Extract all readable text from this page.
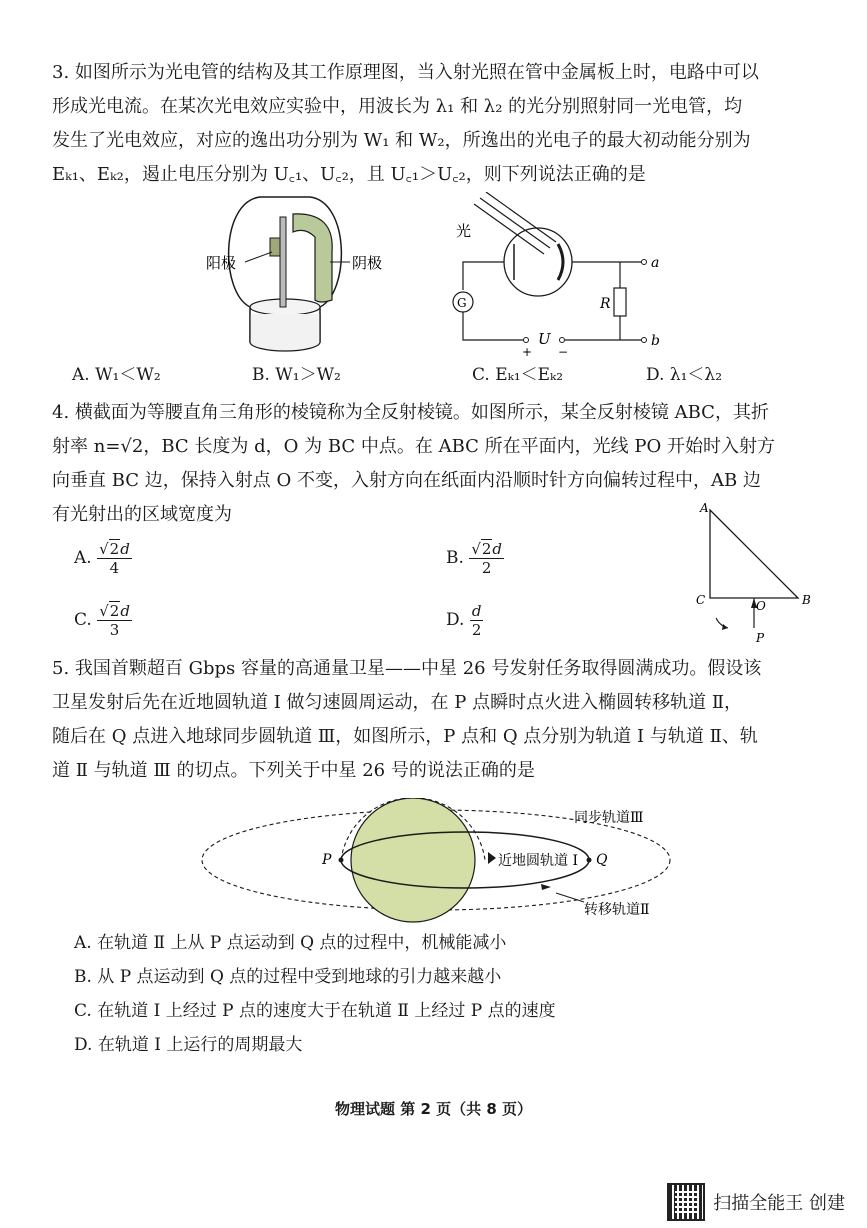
3. 如图所示为光电管的结构及其工作原理图，当入射光照在管中金属板上时，电路中可以

形成光电流。在某次光电效应实验中，用波长为 λ₁ 和 λ₂ 的光分别照射同一光电管，均

发生了光电效应，对应的逸出功分别为 W₁ 和 W₂，所逸出的光电子的最大初动能分别为

Eₖ₁、Eₖ₂，遏止电压分别为 U꜀₁、U꜀₂，且 U꜀₁＞U꜀₂，则下列说法正确的是

阳极	阴极
光
G
U
+ −
R
a
b
A. W₁＜W₂	B. W₁＞W₂	C. Eₖ₁＜Eₖ₂	D. λ₁＜λ₂

4. 横截面为等腰直角三角形的棱镜称为全反射棱镜。如图所示，某全反射棱镜 ABC，其折

射率 n=√2，BC 长度为 d，O 为 BC 中点。在 ABC 所在平面内，光线 PO 开始时入射方

向垂直 BC 边，保持入射点 O 不变，入射方向在纸面内沿顺时针方向偏转过程中，AB 边

有光射出的区域宽度为	A
C	B
O
P
A. $\frac{√2d}{4}$	B. $\frac{√2d}{2}$
C. $\frac{√2d}{3}$	D. $\frac{d}{2}$

5. 我国首颗超百 Gbps 容量的高通量卫星——中星 26 号发射任务取得圆满成功。假设该

卫星发射后先在近地圆轨道 Ⅰ 做匀速圆周运动，在 P 点瞬时点火进入椭圆转移轨道 Ⅱ，

随后在 Q 点进入地球同步圆轨道 Ⅲ，如图所示，P 点和 Q 点分别为轨道 Ⅰ 与轨道 Ⅱ、轨

道 Ⅱ 与轨道 Ⅲ 的切点。下列关于中星 26 号的说法正确的是

P	Q
同步轨道Ⅲ
近地圆轨道 Ⅰ
转移轨道Ⅱ

A. 在轨道 Ⅱ 上从 P 点运动到 Q 点的过程中，机械能减小

B. 从 P 点运动到 Q 点的过程中受到地球的引力越来越小

C. 在轨道 Ⅰ 上经过 P 点的速度大于在轨道 Ⅱ 上经过 P 点的速度

D. 在轨道 Ⅰ 上运行的周期最大

物理试题 第 2 页（共 8 页）
扫描全能王 创建
